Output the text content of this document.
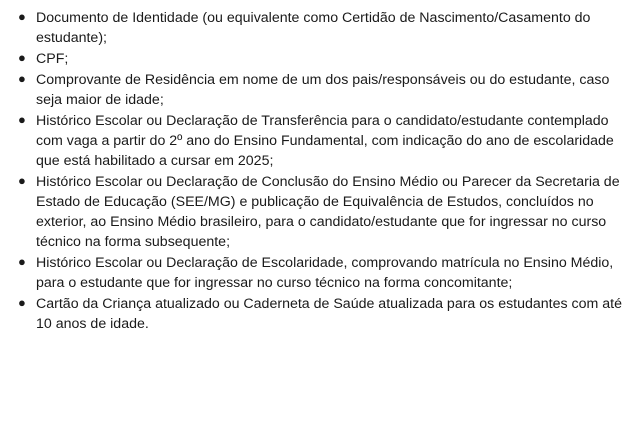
● Documento de Identidade (ou equivalente como Certidão de Nascimento/Casamento do estudante);
● CPF;
● Comprovante de Residência em nome de um dos pais/responsáveis ou do estudante, caso seja maior de idade;
● Histórico Escolar ou Declaração de Transferência para o candidato/estudante contemplado com vaga a partir do 2º ano do Ensino Fundamental, com indicação do ano de escolaridade que está habilitado a cursar em 2025;
● Histórico Escolar ou Declaração de Conclusão do Ensino Médio ou Parecer da Secretaria de Estado de Educação (SEE/MG) e publicação de Equivalência de Estudos, concluídos no exterior, ao Ensino Médio brasileiro, para o candidato/estudante que for ingressar no curso técnico na forma subsequente;
● Histórico Escolar ou Declaração de Escolaridade, comprovando matrícula no Ensino Médio, para o estudante que for ingressar no curso técnico na forma concomitante;
● Cartão da Criança atualizado ou Caderneta de Saúde atualizada para os estudantes com até 10 anos de idade.
